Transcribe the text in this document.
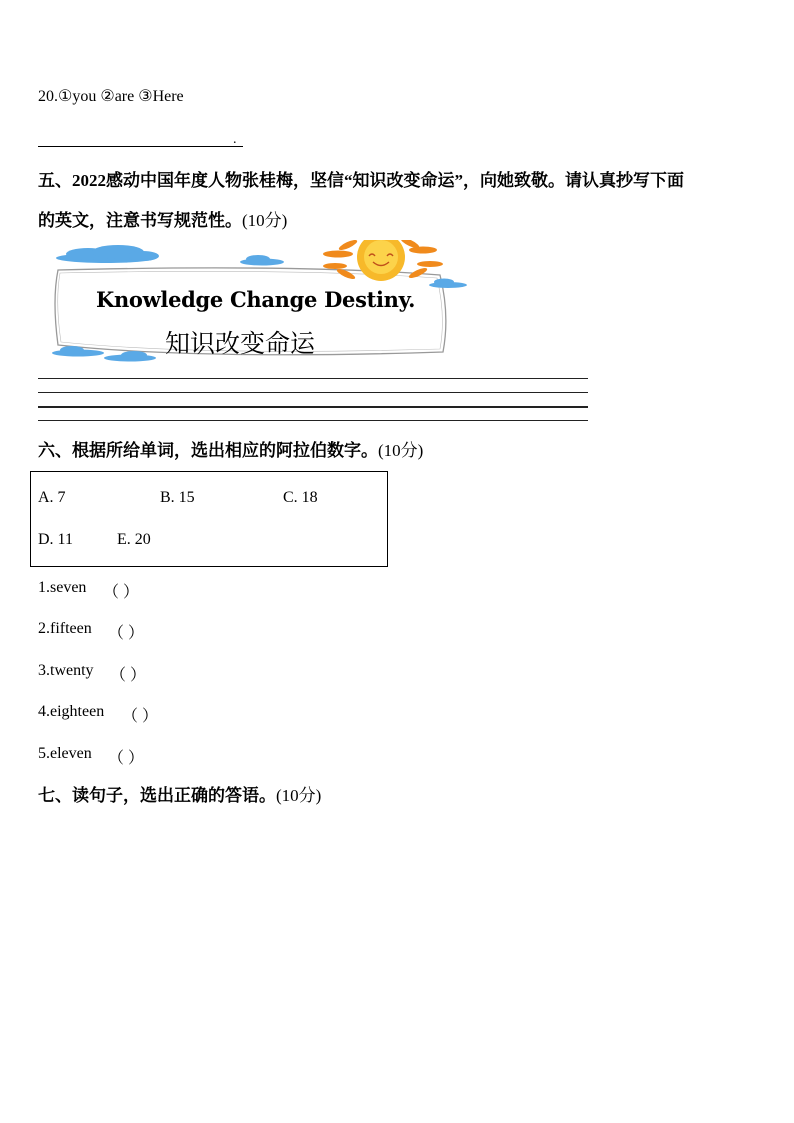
20.①you ②are ③Here
.
五、2022感动中国年度人物张桂梅，坚信“知识改变命运”，向她致敬。请认真抄写下面
的英文，注意书写规范性。(10分)
Knowledge Change Destiny.
知识改变命运
六、根据所给单词，选出相应的阿拉伯数字。(10分)
A. 7	B. 15	C. 18
D. 11	E. 20
1.seven （ ）
2.fifteen （ ）
3.twenty （ ）
4.eighteen （ ）
5.eleven （ ）
七、读句子，选出正确的答语。(10分)
